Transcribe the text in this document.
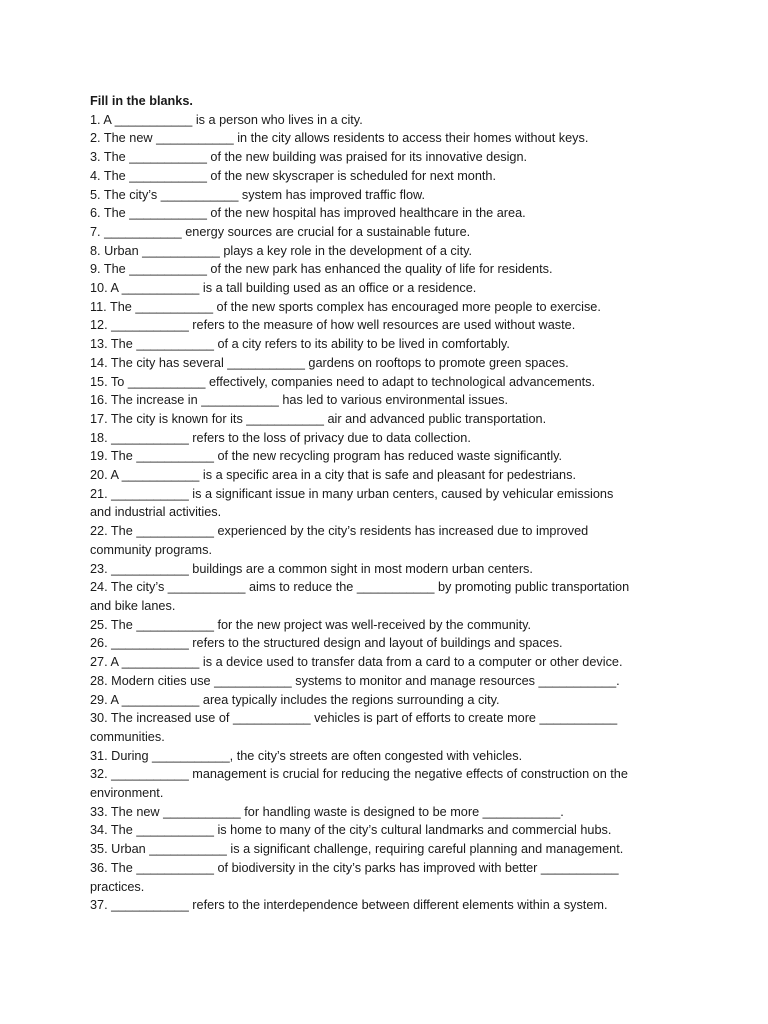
Fill in the blanks.

1. A ___________ is a person who lives in a city.

2. The new ___________ in the city allows residents to access their homes without keys.

3. The ___________ of the new building was praised for its innovative design.

4. The ___________ of the new skyscraper is scheduled for next month.

5. The city’s ___________ system has improved traffic flow.

6. The ___________ of the new hospital has improved healthcare in the area.

7. ___________ energy sources are crucial for a sustainable future.

8. Urban ___________ plays a key role in the development of a city.

9. The ___________ of the new park has enhanced the quality of life for residents.

10. A ___________ is a tall building used as an office or a residence.

11. The ___________ of the new sports complex has encouraged more people to exercise.

12. ___________ refers to the measure of how well resources are used without waste.

13. The ___________ of a city refers to its ability to be lived in comfortably.

14. The city has several ___________ gardens on rooftops to promote green spaces.

15. To ___________ effectively, companies need to adapt to technological advancements.

16. The increase in ___________ has led to various environmental issues.

17. The city is known for its ___________ air and advanced public transportation.

18. ___________ refers to the loss of privacy due to data collection.

19. The ___________ of the new recycling program has reduced waste significantly.

20. A ___________ is a specific area in a city that is safe and pleasant for pedestrians.

21. ___________ is a significant issue in many urban centers, caused by vehicular emissions

and industrial activities.

22. The ___________ experienced by the city’s residents has increased due to improved

community programs.

23. ___________ buildings are a common sight in most modern urban centers.

24. The city’s ___________ aims to reduce the ___________ by promoting public transportation

and bike lanes.

25. The ___________ for the new project was well-received by the community.

26. ___________ refers to the structured design and layout of buildings and spaces.

27. A ___________ is a device used to transfer data from a card to a computer or other device.

28. Modern cities use ___________ systems to monitor and manage resources ___________.

29. A ___________ area typically includes the regions surrounding a city.

30. The increased use of ___________ vehicles is part of efforts to create more ___________

communities.

31. During ___________, the city’s streets are often congested with vehicles.

32. ___________ management is crucial for reducing the negative effects of construction on the

environment.

33. The new ___________ for handling waste is designed to be more ___________.

34. The ___________ is home to many of the city’s cultural landmarks and commercial hubs.

35. Urban ___________ is a significant challenge, requiring careful planning and management.

36. The ___________ of biodiversity in the city’s parks has improved with better ___________

practices.

37. ___________ refers to the interdependence between different elements within a system.
